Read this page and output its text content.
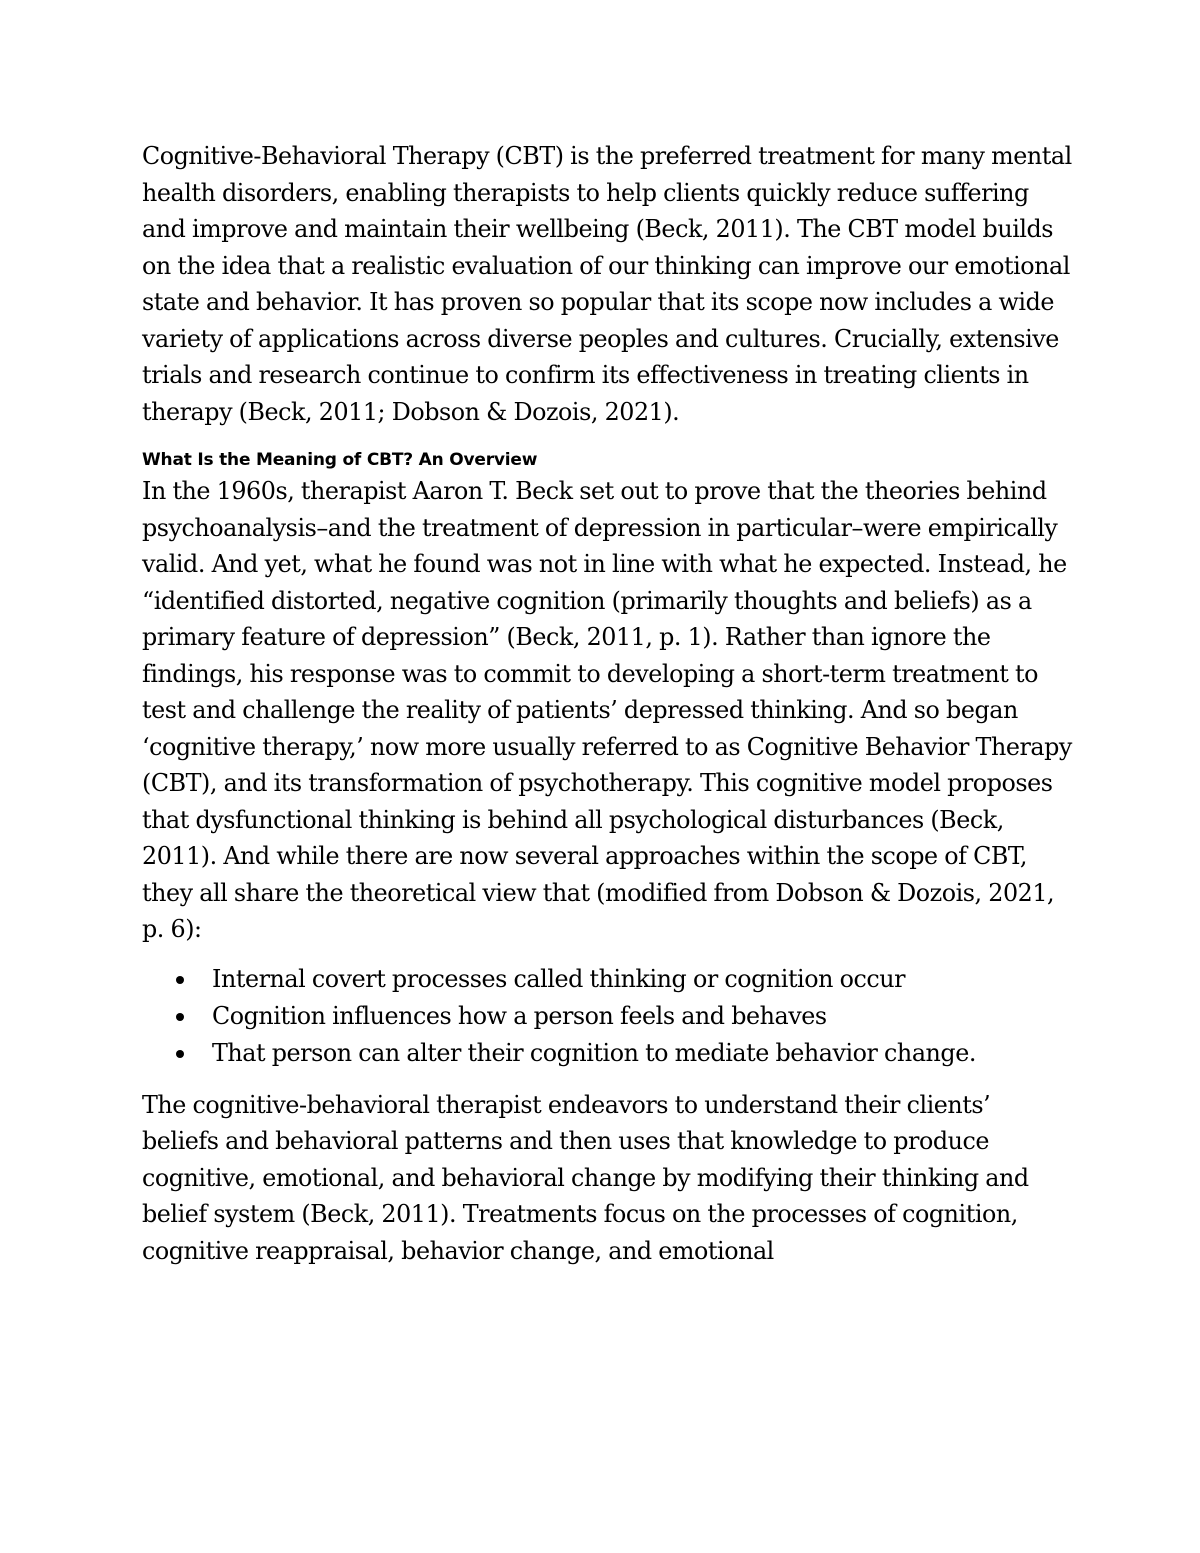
Cognitive-Behavioral Therapy (CBT) is the preferred treatment for many mental health disorders, enabling therapists to help clients quickly reduce suffering and improve and maintain their wellbeing (Beck, 2011). The CBT model builds on the idea that a realistic evaluation of our thinking can improve our emotional state and behavior. It has proven so popular that its scope now includes a wide variety of applications across diverse peoples and cultures. Crucially, extensive trials and research continue to confirm its effectiveness in treating clients in therapy (Beck, 2011; Dobson & Dozois, 2021).

What Is the Meaning of CBT? An Overview

In the 1960s, therapist Aaron T. Beck set out to prove that the theories behind psychoanalysis–and the treatment of depression in particular–were empirically valid. And yet, what he found was not in line with what he expected. Instead, he “identified distorted, negative cognition (primarily thoughts and beliefs) as a primary feature of depression” (Beck, 2011, p. 1). Rather than ignore the findings, his response was to commit to developing a short-term treatment to test and challenge the reality of patients’ depressed thinking. And so began ‘cognitive therapy,’ now more usually referred to as Cognitive Behavior Therapy (CBT), and its transformation of psychotherapy. This cognitive model proposes that dysfunctional thinking is behind all psychological disturbances (Beck, 2011). And while there are now several approaches within the scope of CBT, they all share the theoretical view that (modified from Dobson & Dozois, 2021, p. 6):

Internal covert processes called thinking or cognition occur
Cognition influences how a person feels and behaves
That person can alter their cognition to mediate behavior change.

The cognitive-behavioral therapist endeavors to understand their clients’ beliefs and behavioral patterns and then uses that knowledge to produce cognitive, emotional, and behavioral change by modifying their thinking and belief system (Beck, 2011). Treatments focus on the processes of cognition, cognitive reappraisal, behavior change, and emotional
